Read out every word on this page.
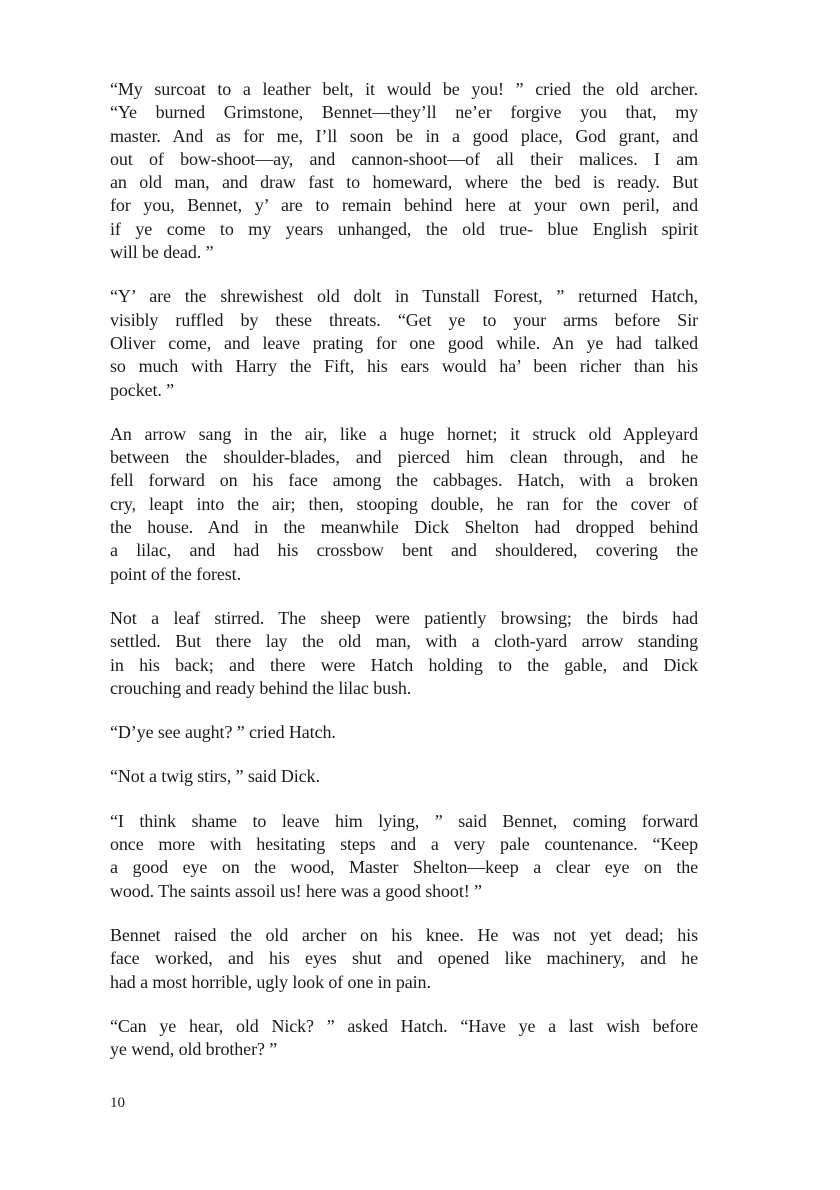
“My surcoat to a leather belt, it would be you! ” cried the old archer.
“Ye burned Grimstone, Bennet—they’ll ne’er forgive you that, my
master. And as for me, I’ll soon be in a good place, God grant, and
out of bow-shoot—ay, and cannon-shoot—of all their malices. I am
an old man, and draw fast to homeward, where the bed is ready. But
for you, Bennet, y’ are to remain behind here at your own peril, and
if ye come to my years unhanged, the old true- blue English spirit
will be dead. ”
“Y’ are the shrewishest old dolt in Tunstall Forest, ” returned Hatch,
visibly ruffled by these threats. “Get ye to your arms before Sir
Oliver come, and leave prating for one good while. An ye had talked
so much with Harry the Fift, his ears would ha’ been richer than his
pocket. ”
An arrow sang in the air, like a huge hornet; it struck old Appleyard
between the shoulder-blades, and pierced him clean through, and he
fell forward on his face among the cabbages. Hatch, with a broken
cry, leapt into the air; then, stooping double, he ran for the cover of
the house. And in the meanwhile Dick Shelton had dropped behind
a lilac, and had his crossbow bent and shouldered, covering the
point of the forest.
Not a leaf stirred. The sheep were patiently browsing; the birds had
settled. But there lay the old man, with a cloth-yard arrow standing
in his back; and there were Hatch holding to the gable, and Dick
crouching and ready behind the lilac bush.
“D’ye see aught? ” cried Hatch.
“Not a twig stirs, ” said Dick.
“I think shame to leave him lying, ” said Bennet, coming forward
once more with hesitating steps and a very pale countenance. “Keep
a good eye on the wood, Master Shelton—keep a clear eye on the
wood. The saints assoil us! here was a good shoot! ”
Bennet raised the old archer on his knee. He was not yet dead; his
face worked, and his eyes shut and opened like machinery, and he
had a most horrible, ugly look of one in pain.
“Can ye hear, old Nick? ” asked Hatch. “Have ye a last wish before
ye wend, old brother? ”
10
